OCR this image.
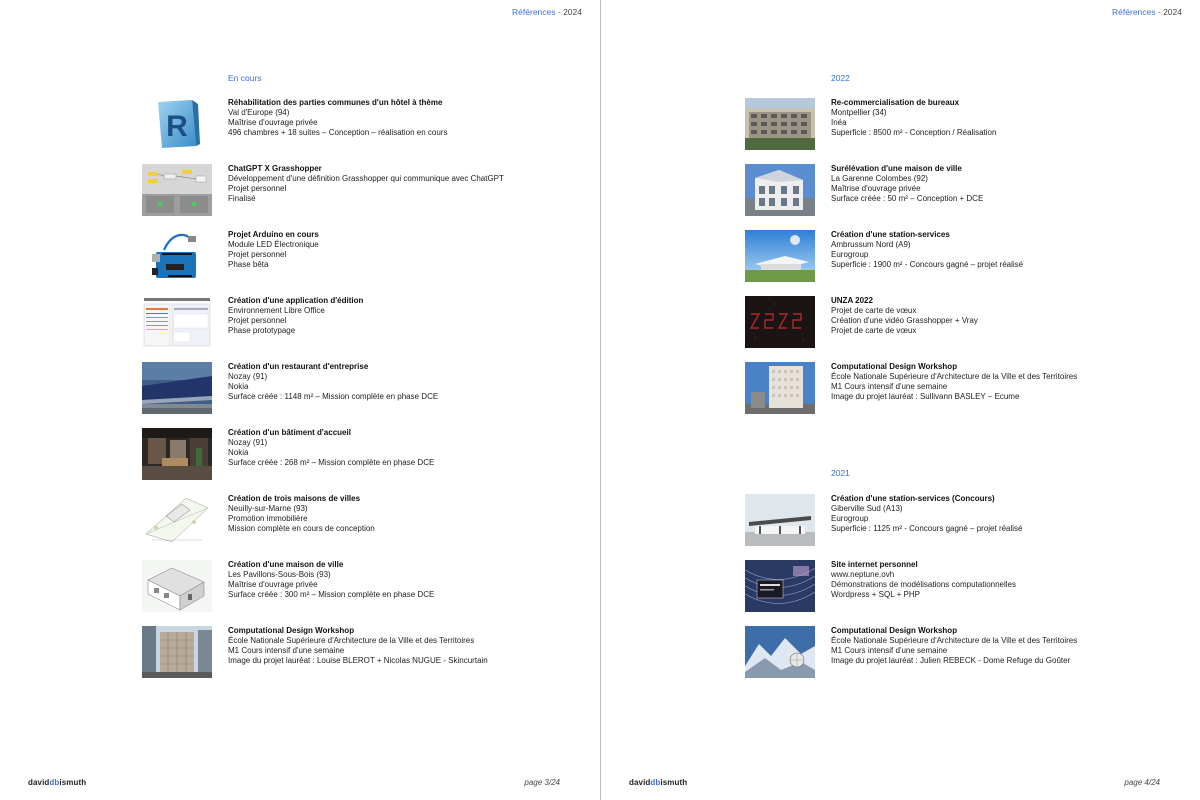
Références - 2024
En cours
R
Réhabilitation des parties communes d'un hôtel à thème
Val d'Europe (94)
Maîtrise d'ouvrage privée
496 chambres + 18 suites – Conception – réalisation en cours
ChatGPT X Grasshopper
Développement d'une définition Grasshopper qui communique avec ChatGPT
Projet personnel
Finalisé
Projet Arduino en cours
Module LED Électronique
Projet personnel
Phase bêta
Création d'une application d'édition
Environnement Libre Office
Projet personnel
Phase prototypage
Création d'un restaurant d'entreprise
Nozay (91)
Nokia
Surface créée : 1148 m² – Mission complète en phase DCE
Création d'un bâtiment d'accueil
Nozay (91)
Nokia
Surface créée : 268 m² – Mission complète en phase DCE
Création de trois maisons de villes
Neuilly-sur-Marne (93)
Promotion immobilière
Mission complète en cours de conception
Création d'une maison de ville
Les Pavillons-Sous-Bois (93)
Maîtrise d'ouvrage privée
Surface créée : 300 m² – Mission complète en phase DCE
Computational Design Workshop
École Nationale Supérieure d'Architecture de la Ville et des Territoires
M1 Cours intensif d'une semaine
Image du projet lauréat : Louise BLEROT + Nicolas NUGUE - Skincurtain
daviddbismuth	page 3/24
Références - 2024
2022
Re-commercialisation de bureaux
Montpellier (34)
Inéa
Superficie : 8500 m² - Conception / Réalisation
Surélévation d'une maison de ville
La Garenne Colombes (92)
Maîtrise d'ouvrage privée
Surface créée : 50 m² – Conception + DCE
Création d'une station-services
Ambrussum Nord (A9)
Eurogroup
Superficie : 1900 m² - Concours gagné – projet réalisé
UNZA 2022
Projet de carte de vœux
Création d'une vidéo Grasshopper + Vray
Projet de carte de vœux
Computational Design Workshop
École Nationale Supérieure d'Architecture de la Ville et des Territoires
M1 Cours intensif d'une semaine
Image du projet lauréat : Sullivann BASLEY – Ecume
2021
Création d'une station-services (Concours)
Giberville Sud (A13)
Eurogroup
Superficie : 1125 m² - Concours gagné – projet réalisé
Site internet personnel
www.neptune.ovh
Démonstrations de modélisations computationnelles
Wordpress + SQL + PHP
Computational Design Workshop
École Nationale Supérieure d'Architecture de la Ville et des Territoires
M1 Cours intensif d'une semaine
Image du projet lauréat : Julien REBECK - Dome Refuge du Goûter
daviddbismuth	page 4/24
